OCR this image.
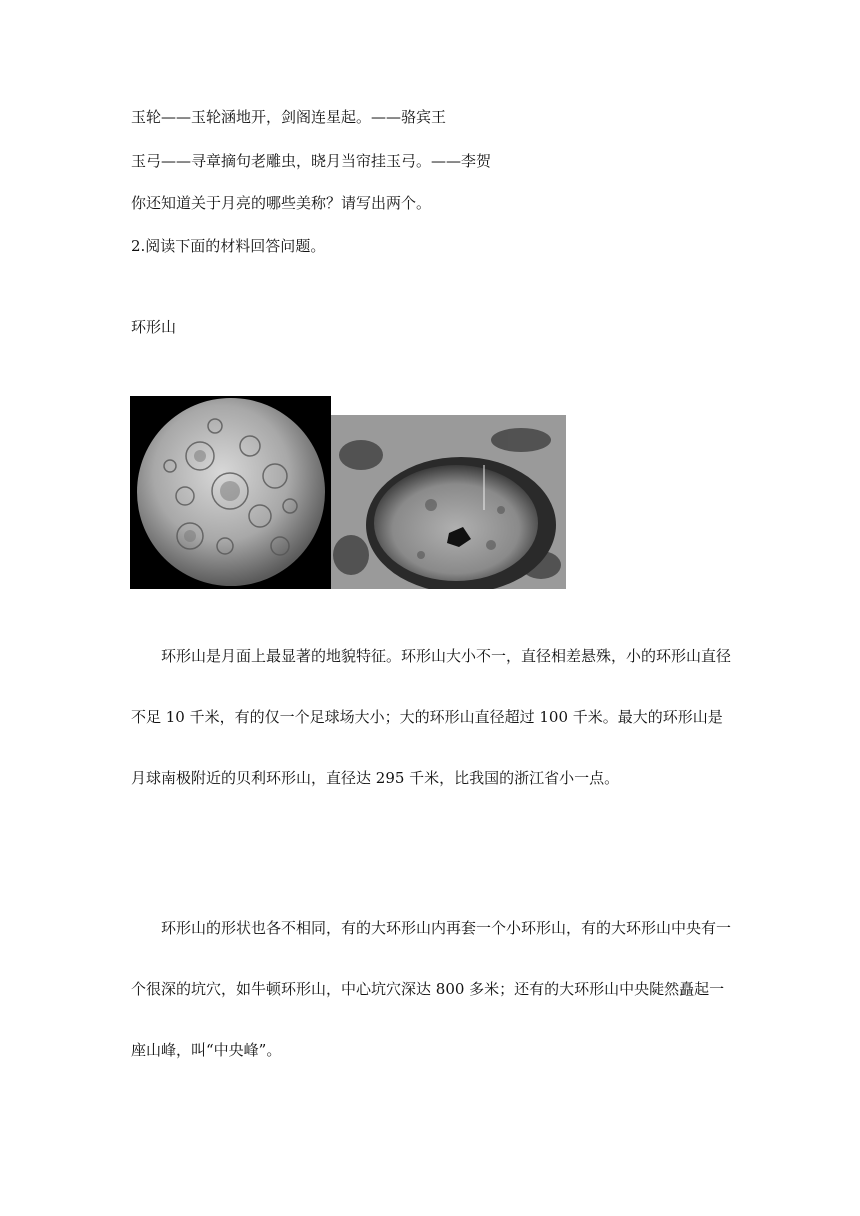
玉轮——玉轮涵地开，剑阁连星起。——骆宾王
玉弓——寻章摘句老雕虫，晓月当帘挂玉弓。——李贺
你还知道关于月亮的哪些美称？请写出两个。
2.阅读下面的材料回答问题。
环形山
环形山是月面上最显著的地貌特征。环形山大小不一，直径相差悬殊，小的环形山直径不足 10 千米，有的仅一个足球场大小；大的环形山直径超过 100 千米。最大的环形山是月球南极附近的贝利环形山，直径达 295 千米，比我国的浙江省小一点。
环形山的形状也各不相同，有的大环形山内再套一个小环形山，有的大环形山中央有一个很深的坑穴，如牛顿环形山，中心坑穴深达 800 多米；还有的大环形山中央陡然矗起一座山峰，叫“中央峰”。
